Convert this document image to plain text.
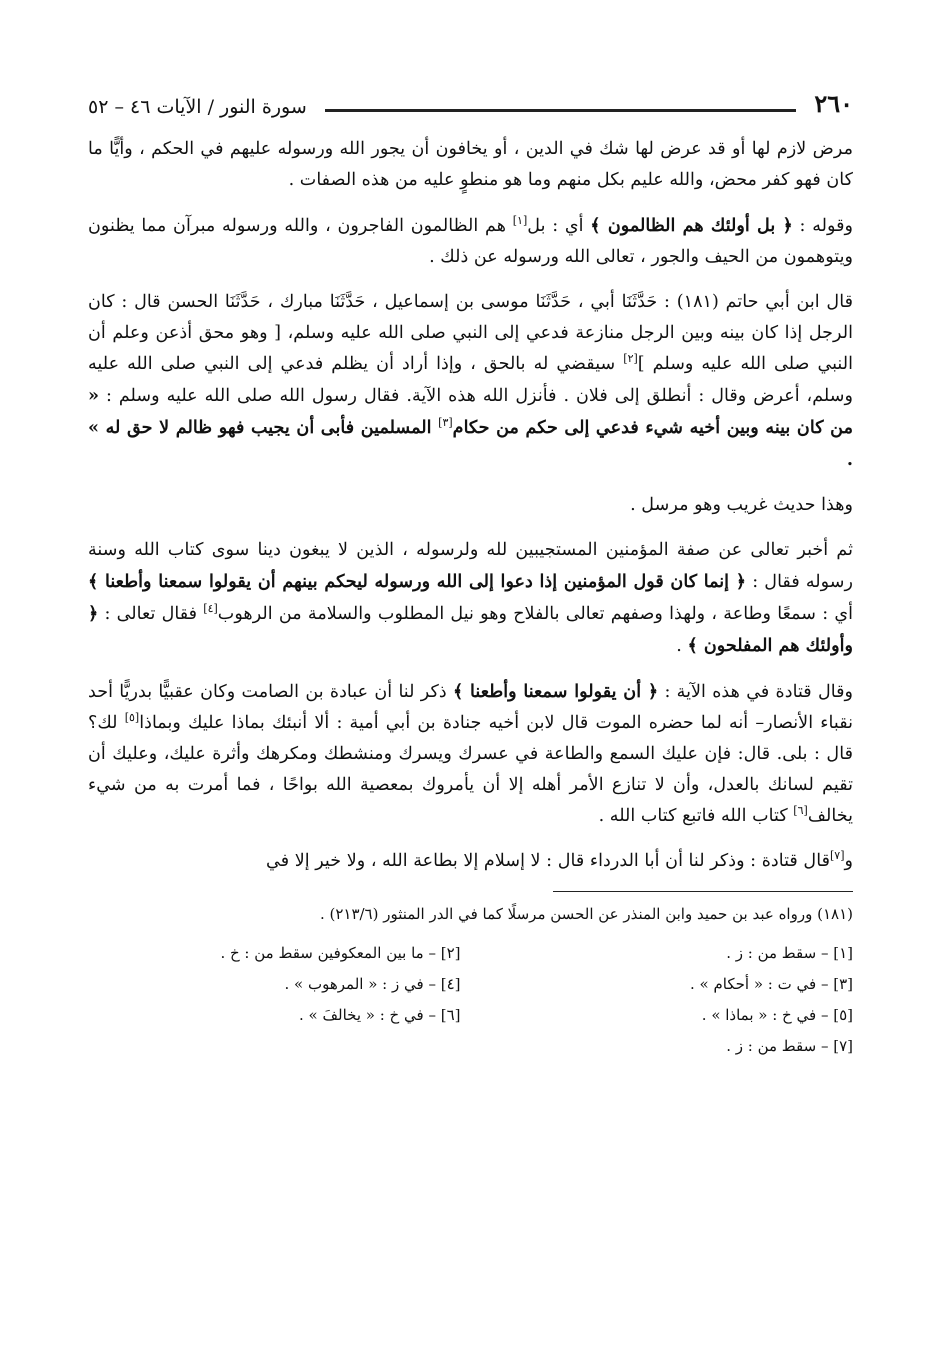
٢٦٠
سورة النور / الآيات ٤٦ – ٥٢

مرض لازم لها أو قد عرض لها شك في الدين ، أو يخافون أن يجور الله ورسوله عليهم في الحكم ، وأيًّا ما كان فهو كفر محض، والله عليم بكل منهم وما هو منطوٍ عليه من هذه الصفات .

وقوله : ﴿ بل أولئك هم الظالمون ﴾ أي : بل[١] هم الظالمون الفاجرون ، والله ورسوله مبرآن مما يظنون ويتوهمون من الحيف والجور ، تعالى الله ورسوله عن ذلك .

قال ابن أبي حاتم (١٨١) : حَدَّثَنَا أبي ، حَدَّثَنَا موسى بن إسماعيل ، حَدَّثَنَا مبارك ، حَدَّثَنَا الحسن قال : كان الرجل إذا كان بينه وبين الرجل منازعة فدعي إلى النبي صلى الله عليه وسلم، [ وهو محق أذعن وعلم أن النبي صلى الله عليه وسلم ][٢] سيقضي له بالحق ، وإذا أراد أن يظلم فدعي إلى النبي صلى الله عليه وسلم، أعرض وقال : أنطلق إلى فلان . فأنزل الله هذه الآية. فقال رسول الله صلى الله عليه وسلم : « من كان بينه وبين أخيه شيء فدعي إلى حكم من حكام[٣] المسلمين فأبى أن يجيب فهو ظالم لا حق له » .

وهذا حديث غريب وهو مرسل .

ثم أخبر تعالى عن صفة المؤمنين المستجيبين لله ولرسوله ، الذين لا يبغون دينا سوى كتاب الله وسنة رسوله فقال : ﴿ إنما كان قول المؤمنين إذا دعوا إلى الله ورسوله ليحكم بينهم أن يقولوا سمعنا وأطعنا ﴾ أي : سمعًا وطاعة ، ولهذا وصفهم تعالى بالفلاح وهو نيل المطلوب والسلامة من الرهوب[٤] فقال تعالى : ﴿ وأولئك هم المفلحون ﴾ .

وقال قتادة في هذه الآية : ﴿ أن يقولوا سمعنا وأطعنا ﴾ ذكر لنا أن عبادة بن الصامت وكان عقبيًّا بدريًّا أحد نقباء الأنصار– أنه لما حضره الموت قال لابن أخيه جنادة بن أبي أمية : ألا أنبئك بماذا عليك وبماذا[٥] لك؟ قال : بلى. قال: فإن عليك السمع والطاعة في عسرك ويسرك ومنشطك ومكرهك وأثرة عليك، وعليك أن تقيم لسانك بالعدل، وأن لا تنازع الأمر أهله إلا أن يأمروك بمعصية الله بواحًا ، فما أمرت به من شيء يخالف[٦] كتاب الله فاتبع كتاب الله .

و[٧]قال قتادة : وذكر لنا أن أبا الدرداء قال : لا إسلام إلا بطاعة الله ، ولا خير إلا في

(١٨١) ورواه عبد بن حميد وابن المنذر عن الحسن مرسلًا كما في الدر المنثور (٢١٣/٦) .

[١] – سقط من : ز .
[٢] – ما بين المعكوفين سقط من : خ .
[٣] – في ت : « أحكام » .
[٤] – في ز : « المرهوب » .
[٥] – في خ : « بماذا » .
[٦] – في خ : « يخالفَ » .
[٧] – سقط من : ز .
